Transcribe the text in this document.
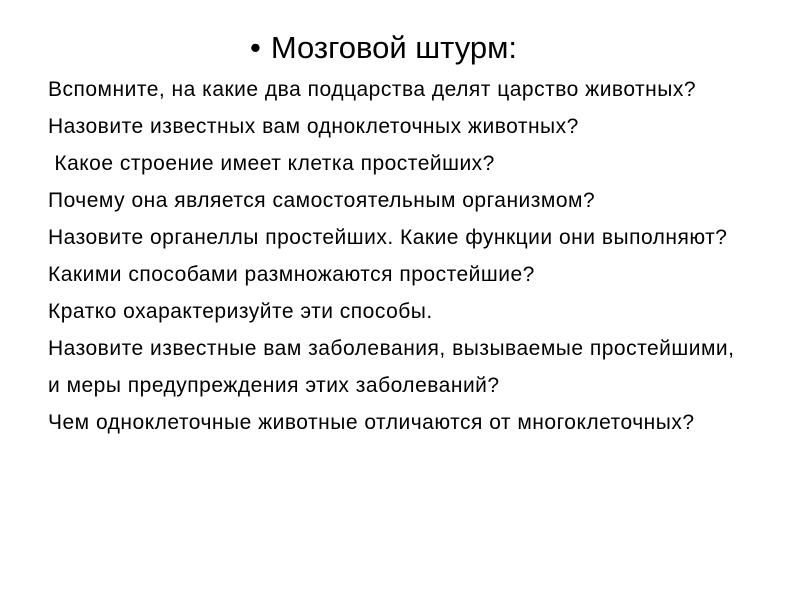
• Мозговой штурм:
Вспомните, на какие два подцарства делят царство животных?
Назовите известных вам одноклеточных животных?
Какое строение имеет клетка простейших?
Почему она является самостоятельным организмом?
Назовите органеллы простейших. Какие функции они выполняют?
Какими способами размножаются простейшие?
Кратко охарактеризуйте эти способы.
Назовите известные вам заболевания, вызываемые простейшими,
и меры предупреждения этих заболеваний?
Чем одноклеточные животные отличаются от многоклеточных?
